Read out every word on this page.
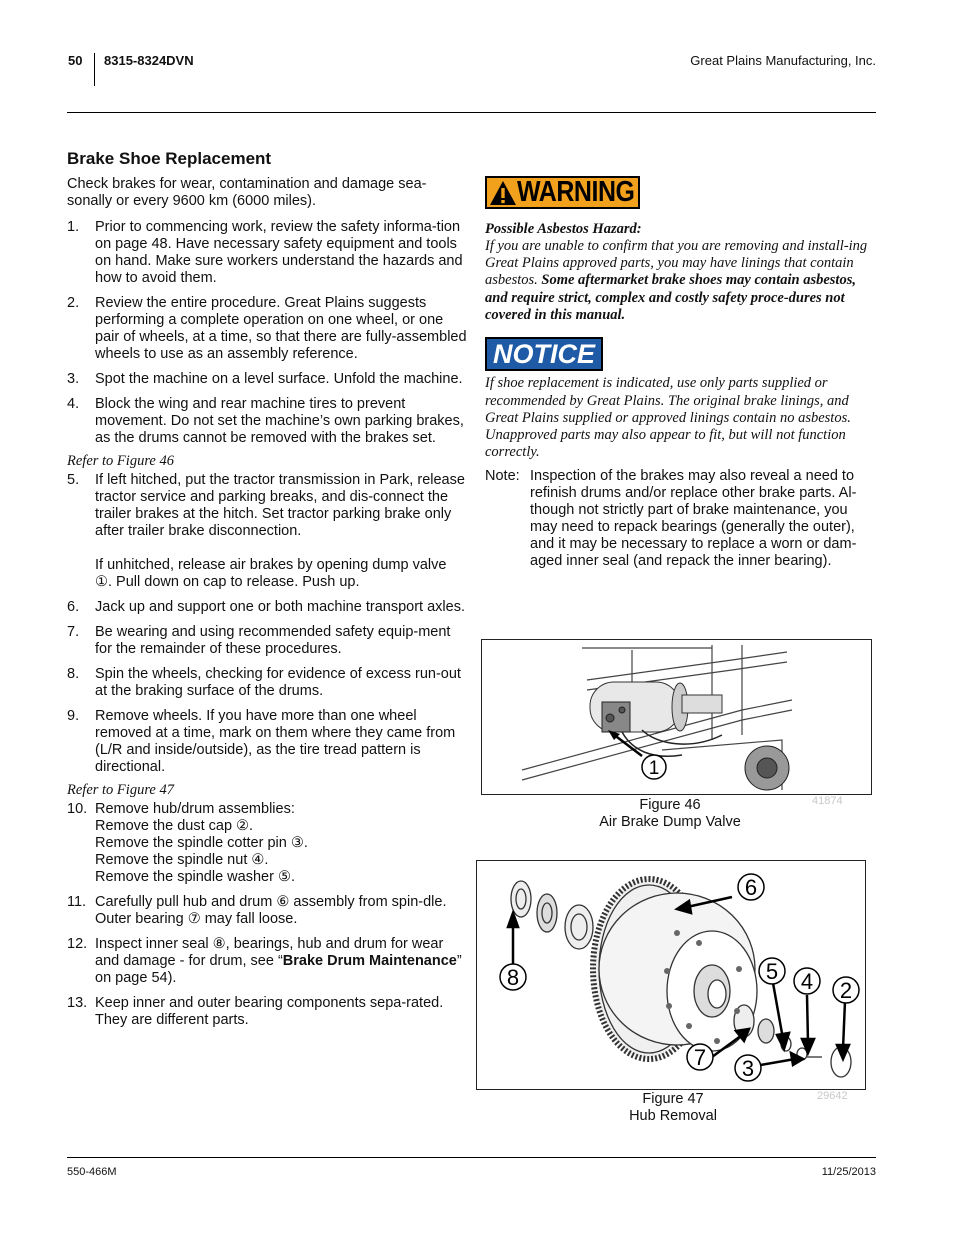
50 8315-8324DVN	Great Plains Manufacturing, Inc.
Brake Shoe Replacement

Check brakes for wear, contamination and damage sea-sonally or every 9600 km (6000 miles).

1.	Prior to commencing work, review the safety informa-tion on page 48. Have necessary safety equipment and tools on hand. Make sure workers understand the hazards and how to avoid them.
2.	Review the entire procedure. Great Plains suggests performing a complete operation on one wheel, or one pair of wheels, at a time, so that there are fully-assembled wheels to use as an assembly reference.
3.	Spot the machine on a level surface. Unfold the machine.
4.	Block the wing and rear machine tires to prevent movement. Do not set the machine’s own parking brakes, as the drums cannot be removed with the brakes set.

Refer to Figure 46

5.	If left hitched, put the tractor transmission in Park, release tractor service and parking breaks, and dis-connect the trailer brakes at the hitch. Set tractor parking brake only after trailer brake disconnection.
If unhitched, release air brakes by opening dump valve ①. Pull down on cap to release. Push up.
6.	Jack up and support one or both machine transport axles.
7.	Be wearing and using recommended safety equip-ment for the remainder of these procedures.
8.	Spin the wheels, checking for evidence of excess run-out at the braking surface of the drums.
9.	Remove wheels. If you have more than one wheel removed at a time, mark on them where they came from (L/R and inside/outside), as the tire tread pattern is directional.

Refer to Figure 47

10. Remove hub/drum assemblies:
Remove the dust cap ②.
Remove the spindle cotter pin ③.
Remove the spindle nut ④.
Remove the spindle washer ⑤.
11. Carefully pull hub and drum ⑥ assembly from spin-dle. Outer bearing ⑦ may fall loose.
12. Inspect inner seal ⑧, bearings, hub and drum for wear and damage - for drum, see “Brake Drum Maintenance” on page 54).
13. Keep inner and outer bearing components sepa-rated. They are different parts.
WARNING
Possible Asbestos Hazard:
If you are unable to confirm that you are removing and install-ing Great Plains approved parts, you may have linings that contain asbestos. Some aftermarket brake shoes may contain asbestos, and require strict, complex and costly safety proce-dures not covered in this manual.
NOTICE
If shoe replacement is indicated, use only parts supplied or recommended by Great Plains. The original brake linings, and Great Plains supplied or approved linings contain no asbestos. Unapproved parts may also appear to fit, but will not function correctly.
Note: Inspection of the brakes may also reveal a need to refinish drums and/or replace other brake parts. Al-though not strictly part of brake maintenance, you may need to repack bearings (generally the outer), and it may be necessary to replace a worn or dam-aged inner seal (and repack the inner bearing).
1
Figure 46
Air Brake Dump Valve
41874
6
8	5 4 2
7 3
Figure 47
Hub Removal
29642
550-466M	11/25/2013
